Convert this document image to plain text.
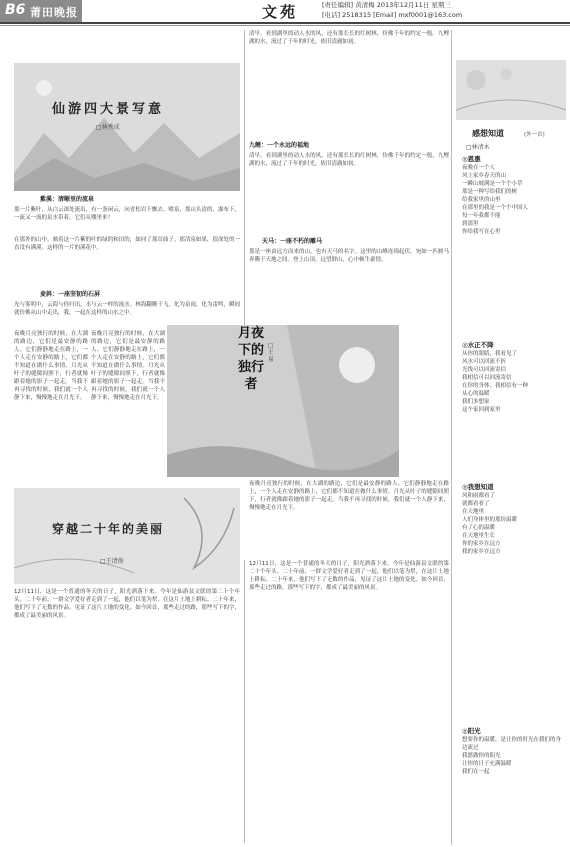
B6 莆田晚报	文苑	[责任编辑] 黄清梅 2013年12月11日 星期三
[电话] 2518315 [Email] mxf0001@163.com
仙游四大景写意
□林秀成
紫溪：清晰里的流泉
那一片紫叶，从白云深处流出，有一条闲云，向青松岩下飘去。喷泉，那山头清的，瀑布下，一流又一流的泉水带着。它们从哪里来？
在那外的山中，映着这一片紫的叶的绿的和田的，如同了那首曲子。那清泉如果，很深处的一直没有满溪。这样的一片的溪花中。
麦斜：一座坚韧的石屏
光与雾明中，云海与你归出，水与云一样的流水。林海翻腾千飞，化为泉雨，化为雷鸣，瞬间就仿佛从山中走出，我，一起在这样的山水之中。
清早，看到湖里的动人水的风，还有那长长的红树林，仿佛千年的约定一般。九鲤湖的水，流过了千年的时光，依旧清澈如初。
九鲤：一个永远的福地
清早，看到湖里的动人水的风，还有那长长的红树林，仿佛千年的约定一般。九鲤湖的水，流过了千年的时光，依旧清澈如初。
天马：一座不朽的雕马
那是一座由远方而来的山，也有天马的名字。这里的山峰连绵起伏，宛如一匹骏马奔腾于天地之间。登上山顶，远望群山，心中顿生豪情。
夜晚月亮独行的时候，在大湖的路边，它们是最安静的路人。它们静静地走在路上，一个人走在安静的路上，它们都不知道在做什么事情。月光从叶子的缝隙间照下，行者就像跟着她的影子一起走。当我不再寻找的时候，我们就一个人静下来，慢慢地走在月光下。
夜晚月亮独行的时候，在大湖的路边，它们是最安静的路人。它们静静地走在路上，一个人走在安静的路上，它们都不知道在做什么事情。月光从叶子的缝隙间照下，行者就像跟着她的影子一起走。当我不再寻找的时候，我们就一个人静下来，慢慢地走在月光下。
月夜下的独行者
□王易
夜晚月亮独行的时候，在大湖的路边，它们是最安静的路人。它们静静地走在路上，一个人走在安静的路上，它们都不知道在做什么事情。月光从叶子的缝隙间照下，行者就像跟着她的影子一起走。当我不再寻找的时候，我们就一个人静下来，慢慢地走在月光下。
穿越二十年的美丽
□王清俊
12月11日，这是一个普通的冬天的日子，阳光洒落下来。今年是仙游县文联的第二十个年头。二十年前，一群文学爱好者走到了一起，他们以笔为犁，在这片土地上耕耘。二十年来，他们写下了无数的作品，见证了这片土地的变化。如今回首，那些走过的路，那些写下的字，都成了最美丽的风景。
12月11日，这是一个普通的冬天的日子，阳光洒落下来。今年是仙游县文联的第二十个年头。二十年前，一群文学爱好者走到了一起，他们以笔为犁，在这片土地上耕耘。二十年来，他们写下了无数的作品，见证了这片土地的变化。如今回首，那些走过的路，那些写下的字，都成了最美丽的风景。
感想知道	(外一首)
□林清木
◎恩惠
夜晚在一个人
风上家乡春天的山
一瞬山坡满是一个个小草
那是一种写给我们的树
给我家里的山里
在那里的我是一个个中国人
每一年我都不能
到那里
你给我写在心里
◎水正不降
从你的眼睛，我看见了
风水可以回流不折
光线可以回流寄信
我相信可以回流寄信
在你的身体，我相信有一种
从心的温暖
我们多想家
这个家回到家里
◎我想知道
风和雨都看了
就都看看了
在天地里
人们身体里的那份温暖
有了心的温暖
在天地里生长
你的家乡在远方
我的家乡在远方
◎阳光
想要你的温暖，是让你的时光在我们的身边流过
我愿做你的阳光
让你的日子充满温暖
我们在一起
